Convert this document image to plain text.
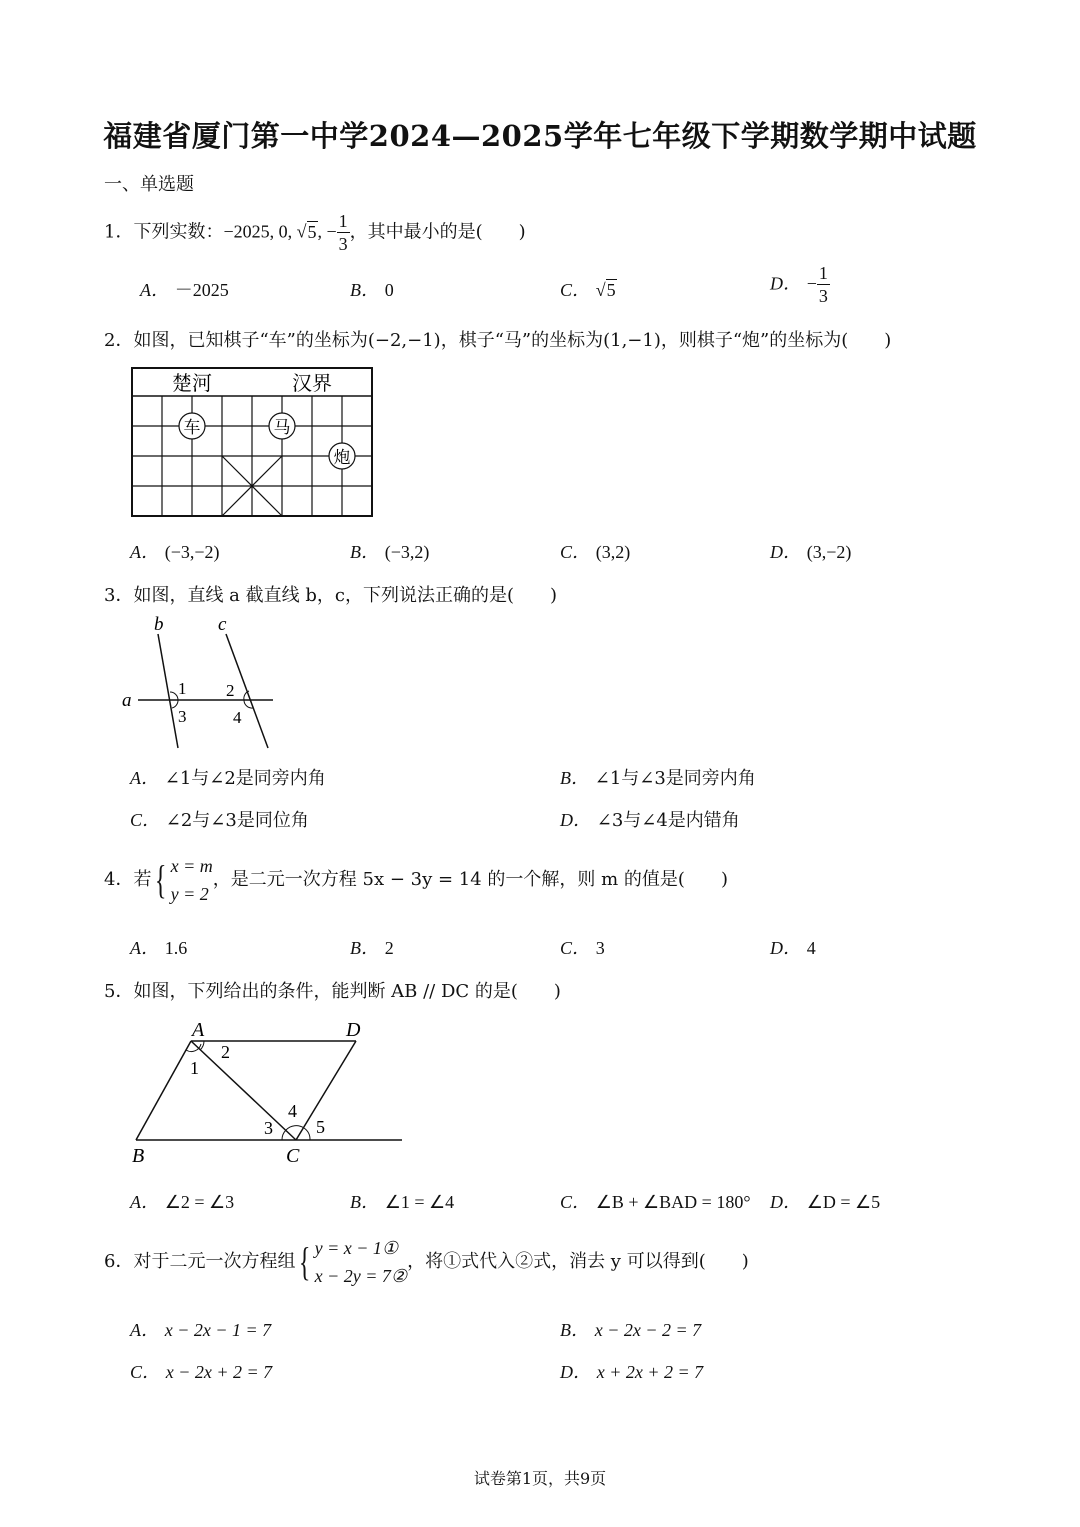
福建省厦门第一中学2024—2025学年七年级下学期数学期中试题
一、单选题
1．下列实数：−2025, 0, √5, − $\frac{1}{3}$ ，其中最小的是(　　)
A． －2025	B． 0	C． √5	D． − $\frac{1}{3}$
2．如图，已知棋子“车”的坐标为(−2,−1)，棋子“马”的坐标为(1,−1)，则棋子“炮”的坐标为(　　)
楚河	汉界
车	马
炮
A． (−3,−2)	B． (−3,2)	C． (3,2)	D． (3,−2)
3．如图，直线 a 截直线 b，c，下列说法正确的是(　　)
b	c
a
1 2
3	4
A． ∠1与∠2是同旁内角	B． ∠1与∠3是同旁内角
C． ∠2与∠3是同位角	D． ∠3与∠4是内错角
4．若{ x = m
y = 2
，是二元一次方程 5x − 3y = 14 的一个解，则 m 的值是(　　)
A． 1.6	B． 2	C． 3	D． 4
5．如图，下列给出的条件，能判断 AB // DC 的是(　　)
A	D
B	C
1
2
3
4
5
A． ∠2 = ∠3	B． ∠1 = ∠4	C． ∠B + ∠BAD = 180° D． ∠D = ∠5
6．对于二元一次方程组{ y = x − 1①
x − 2y = 7②
，将①式代入②式，消去 y 可以得到(　　)
A． x − 2x − 1 = 7	B． x − 2x − 2 = 7
C． x − 2x + 2 = 7	D． x + 2x + 2 = 7
试卷第1页，共9页
